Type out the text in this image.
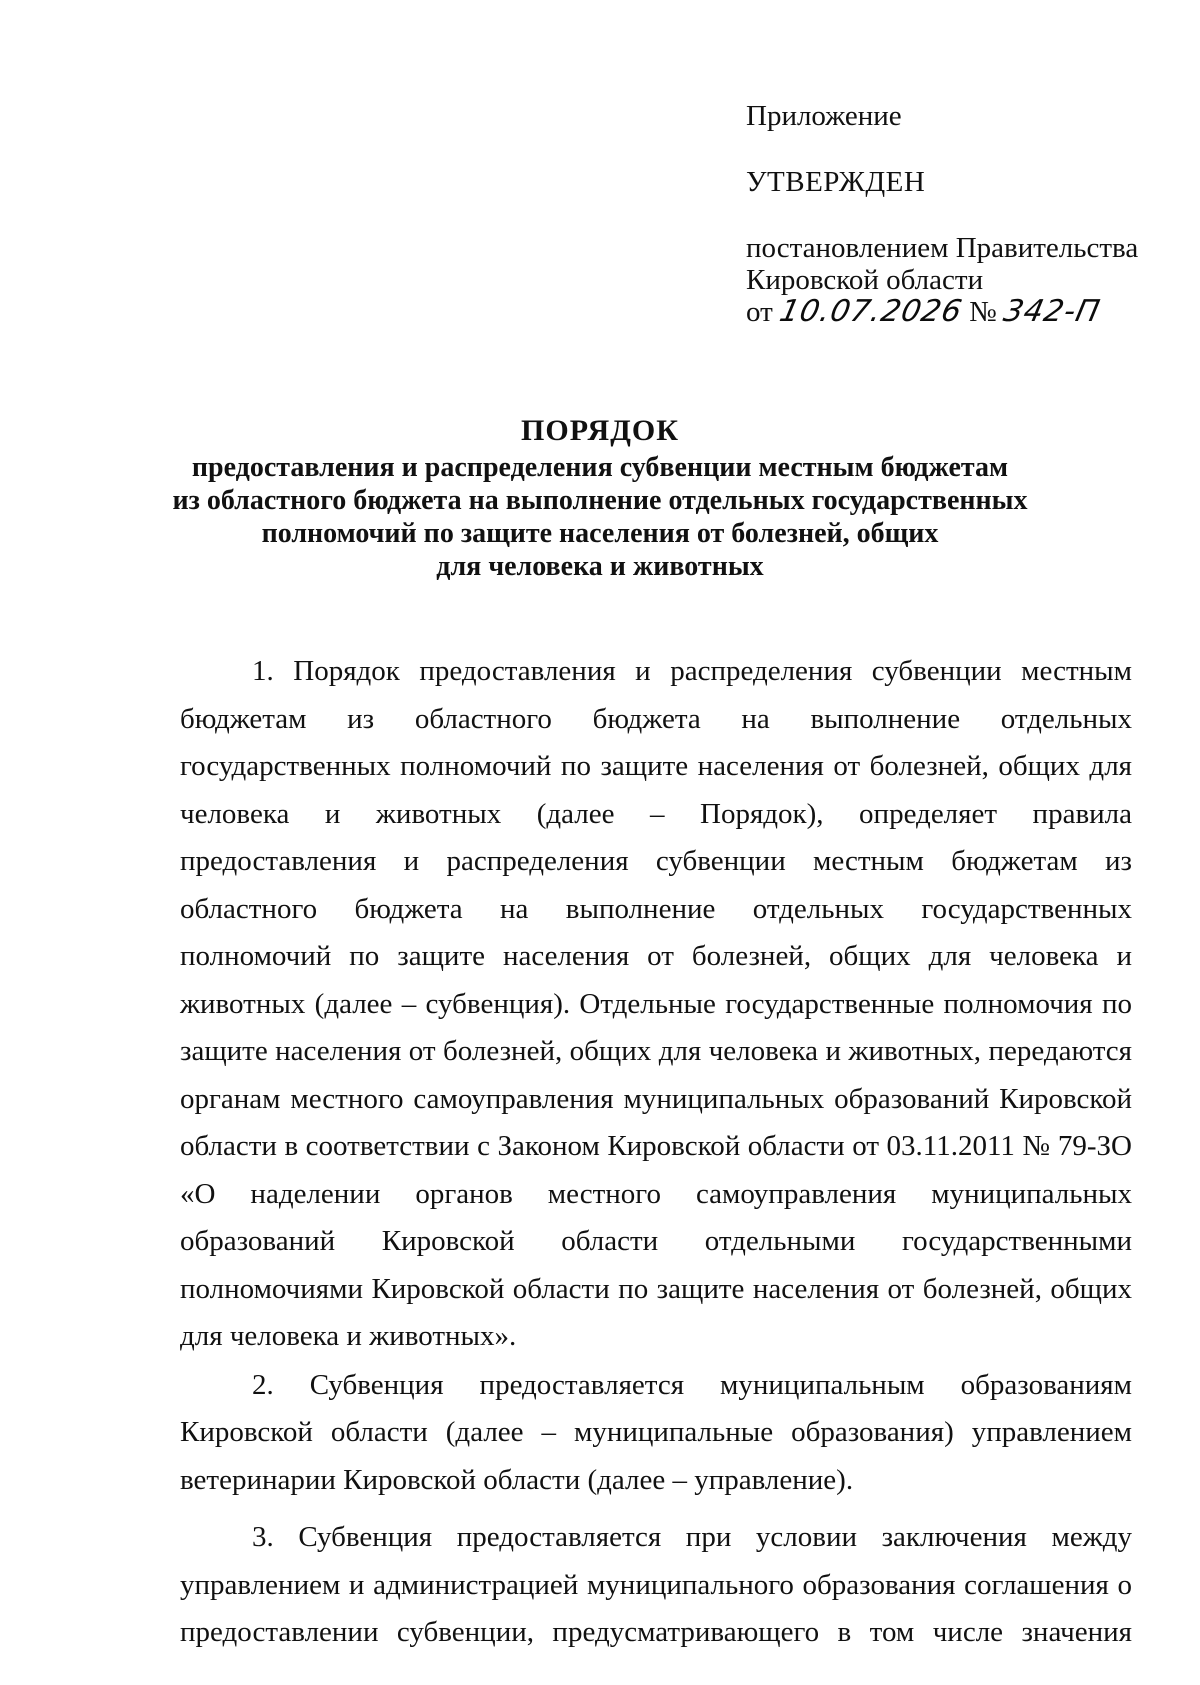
Приложение
УТВЕРЖДЕН
постановлением Правительства
Кировской области
от 10.07.2026 № 342-П
ПОРЯДОК
предоставления и распределения субвенции местным бюджетам
из областного бюджета на выполнение отдельных государственных
полномочий по защите населения от болезней, общих
для человека и животных

1. Порядок предоставления и распределения субвенции местным бюджетам из областного бюджета на выполнение отдельных государственных полномочий по защите населения от болезней, общих для человека и животных (далее – Порядок), определяет правила предоставления и распределения субвенции местным бюджетам из областного бюджета на выполнение отдельных государственных полномочий по защите населения от болезней, общих для человека и животных (далее – субвенция). Отдельные государственные полномочия по защите населения от болезней, общих для человека и животных, передаются органам местного самоуправления муниципальных образований Кировской области в соответствии с Законом Кировской области от 03.11.2011 № 79-ЗО «О наделении органов местного самоуправления муниципальных образований Кировской области отдельными государственными полномочиями Кировской области по защите населения от болезней, общих для человека и животных».

2. Субвенция предоставляется муниципальным образованиям Кировской области (далее – муниципальные образования) управлением ветеринарии Кировской области (далее – управление).

3. Субвенция предоставляется при условии заключения между управлением и администрацией муниципального образования соглашения о предоставлении субвенции, предусматривающего в том числе значения
